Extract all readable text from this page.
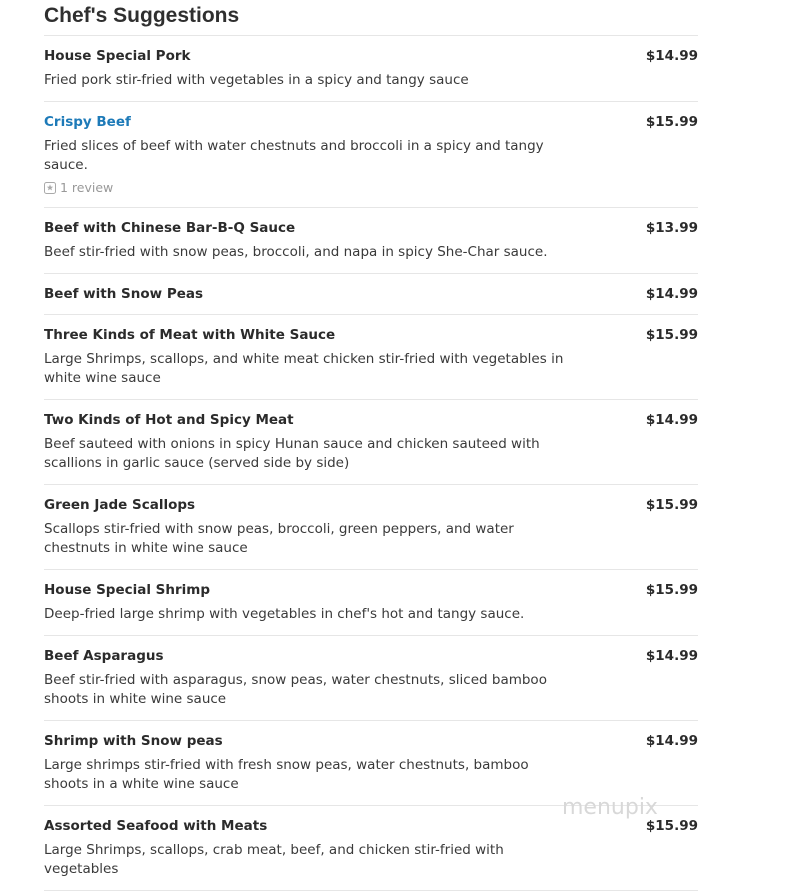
Chef's Suggestions
House Special Pork	$14.99
Fried pork stir-fried with vegetables in a spicy and tangy sauce
Crispy Beef	$15.99
Fried slices of beef with water chestnuts and broccoli in a spicy and tangy sauce.
1 review
Beef with Chinese Bar-B-Q Sauce	$13.99
Beef stir-fried with snow peas, broccoli, and napa in spicy She-Char sauce.
Beef with Snow Peas	$14.99
Three Kinds of Meat with White Sauce	$15.99
Large Shrimps, scallops, and white meat chicken stir-fried with vegetables in white wine sauce
Two Kinds of Hot and Spicy Meat	$14.99
Beef sauteed with onions in spicy Hunan sauce and chicken sauteed with scallions in garlic sauce (served side by side)
Green Jade Scallops	$15.99
Scallops stir-fried with snow peas, broccoli, green peppers, and water chestnuts in white wine sauce
House Special Shrimp	$15.99
Deep-fried large shrimp with vegetables in chef's hot and tangy sauce.
Beef Asparagus	$14.99
Beef stir-fried with asparagus, snow peas, water chestnuts, sliced bamboo shoots in white wine sauce
Shrimp with Snow peas	$14.99
Large shrimps stir-fried with fresh snow peas, water chestnuts, bamboo shoots in a white wine sauce
Assorted Seafood with Meats	$15.99
Large Shrimps, scallops, crab meat, beef, and chicken stir-fried with vegetables
menupix
